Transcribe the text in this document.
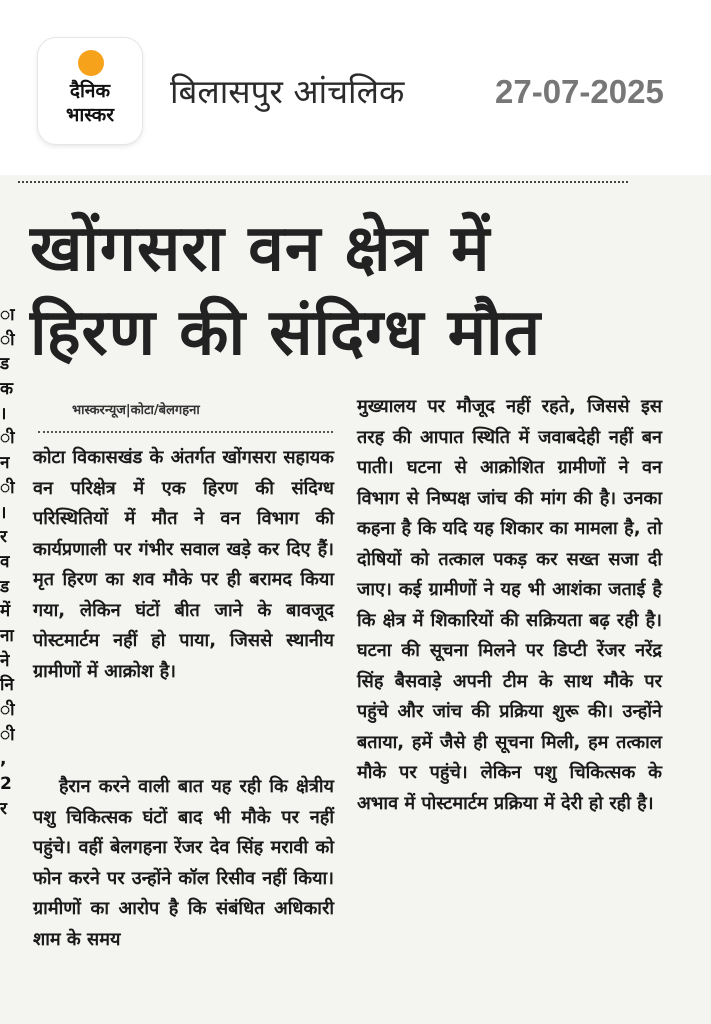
दैनिक
भास्कर
बिलासपुर आंचलिक	27-07-2025
ा
ी
ड
क
।
ी
न
ी
।
र
व
ड
में
ना
ने
नि
ी
ी
,
2
र
खोंगसरा वन क्षेत्र में
हिरण की संदिग्ध मौत
भास्करन्यूज|कोटा/बेलगहना

कोटा विकासखंड के अंतर्गत खोंगसरा सहायक वन परिक्षेत्र में एक हिरण की संदिग्ध परिस्थितियों में मौत ने वन विभाग की कार्यप्रणाली पर गंभीर सवाल खड़े कर दिए हैं। मृत हिरण का शव मौके पर ही बरामद किया गया, लेकिन घंटों बीत जाने के बावजूद पोस्टमार्टम नहीं हो पाया, जिससे स्थानीय ग्रामीणों में आक्रोश है।

हैरान करने वाली बात यह रही कि क्षेत्रीय पशु चिकित्सक घंटों बाद भी मौके पर नहीं पहुंचे। वहीं बेलगहना रेंजर देव सिंह मरावी को फोन करने पर उन्होंने कॉल रिसीव नहीं किया। ग्रामीणों का आरोप है कि संबंधित अधिकारी शाम के समय

मुख्यालय पर मौजूद नहीं रहते, जिससे इस तरह की आपात स्थिति में जवाबदेही नहीं बन पाती। घटना से आक्रोशित ग्रामीणों ने वन विभाग से निष्पक्ष जांच की मांग की है। उनका कहना है कि यदि यह शिकार का मामला है, तो दोषियों को तत्काल पकड़ कर सख्त सजा दी जाए। कई ग्रामीणों ने यह भी आशंका जताई है कि क्षेत्र में शिकारियों की सक्रियता बढ़ रही है। घटना की सूचना मिलने पर डिप्टी रेंजर नरेंद्र सिंह बैसवाड़े अपनी टीम के साथ मौके पर पहुंचे और जांच की प्रक्रिया शुरू की। उन्होंने बताया, हमें जैसे ही सूचना मिली, हम तत्काल मौके पर पहुंचे। लेकिन पशु चिकित्सक के अभाव में पोस्टमार्टम प्रक्रिया में देरी हो रही है।
